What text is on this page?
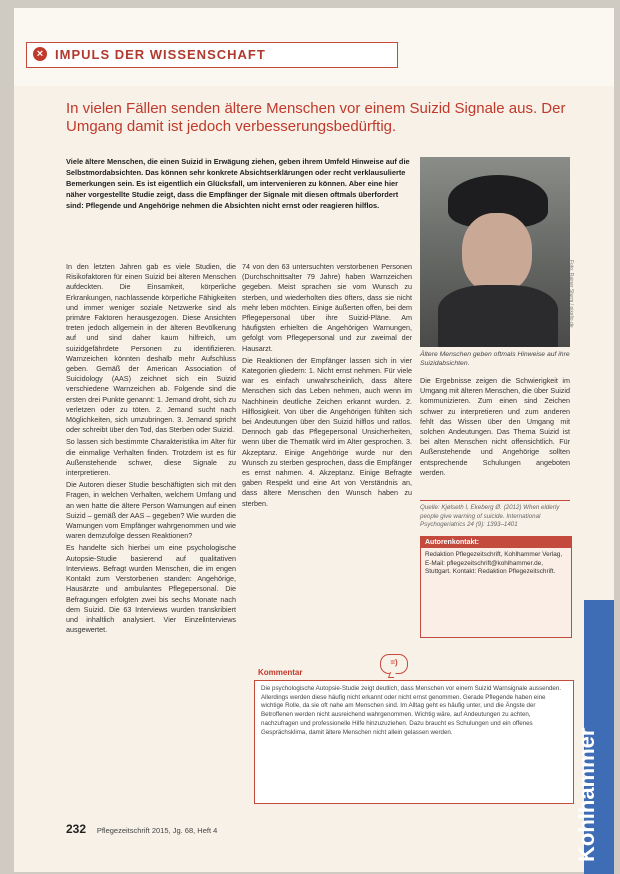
× IMPULS DER WISSENSCHAFT
In vielen Fällen senden ältere Menschen vor einem Suizid Signale aus. Der Umgang damit ist jedoch verbesserungsbedürftig.
Viele ältere Menschen, die einen Suizid in Erwägung ziehen, geben ihrem Umfeld Hinweise auf die Selbstmordabsichten. Das können sehr konkrete Absichtserklärungen oder recht verklausulierte Bemerkungen sein. Es ist eigentlich ein Glücksfall, um intervenieren zu können. Aber eine hier näher vorgestellte Studie zeigt, dass die Empfänger der Signale mit diesen oftmals überfordert sind: Pflegende und Angehörige nehmen die Absichten nicht ernst oder reagieren hilflos.

In den letzten Jahren gab es viele Studien, die Risikofaktoren für einen Suizid bei älteren Menschen aufdeckten. Die Einsamkeit, körperliche Erkrankungen, nachlassende körperliche Fähigkeiten und immer weniger soziale Netzwerke sind als primäre Faktoren herausgezogen. Diese Ansichten treten jedoch allgemein in der älteren Bevölkerung auf und sind daher kaum hilfreich, um suizidgefährdete Personen zu identifizieren. Warnzeichen könnten deshalb mehr Aufschluss geben. Gemäß der American Association of Suicidology (AAS) zeichnet sich ein Suizid verschiedene Warnzeichen ab. Folgende sind die ersten drei Punkte genannt: 1. Jemand droht, sich zu verletzen oder zu töten. 2. Jemand sucht nach Möglichkeiten, sich umzubringen. 3. Jemand spricht oder schreibt über den Tod, das Sterben oder Suizid.

So lassen sich bestimmte Charakteristika im Alter für die einmalige Verhalten finden. Trotzdem ist es für Außenstehende schwer, diese Signale zu interpretieren.

Die Autoren dieser Studie beschäftigten sich mit den Fragen, in welchen Verhalten, welchem Umfang und an wen hatte die ältere Person Warnungen auf einen Suizid – gemäß der AAS – gegeben? Wie wurden die Warnungen vom Empfänger wahrgenommen und wie waren demzufolge dessen Reaktionen?

Es handelte sich hierbei um eine psychologische Autopsie-Studie basierend auf qualitativen Interviews. Befragt wurden Menschen, die im engen Kontakt zum Verstorbenen standen: Angehörige, Hausärzte und ambulantes Pflegepersonal. Die Befragungen erfolgten zwei bis sechs Monate nach dem Suizid. Die 63 Interviews wurden transkribiert und inhaltlich analysiert. Vier Einzelinterviews ausgewertet.

74 von den 63 untersuchten verstorbenen Personen (Durchschnittsalter 79 Jahre) haben Warnzeichen gegeben. Meist sprachen sie vom Wunsch zu sterben, und wiederholten dies öfters, dass sie nicht mehr leben möchten. Einige äußerten offen, bei dem Pflegepersonal über ihre Suizid-Pläne. Am häufigsten erhielten die Angehörigen Warnungen, gefolgt vom Pflegepersonal und zur zweimal der Hausarzt.

Die Reaktionen der Empfänger lassen sich in vier Kategorien gliedern: 1. Nicht ernst nehmen. Für viele war es einfach unwahrscheinlich, dass ältere Menschen sich das Leben nehmen, auch wenn im Nachhinein deutliche Zeichen erkannt wurden. 2. Hilflosigkeit. Von über die Angehörigen fühlten sich bei Andeutungen über den Suizid hilflos und ratlos. Dennoch gab das Pflegepersonal Unsicherheiten, wenn über die Thematik wird im Alter gesprochen. 3. Akzeptanz. Einige Angehörige wurde nur den Wunsch zu sterben gesprochen, dass die Empfänger es ernst nahmen. 4. Akzeptanz. Einige Befragte gaben Respekt und eine Art von Verständnis an, dass ältere Menschen den Wunsch haben zu sterben.

Foto: Rainer Sturm / pixelio.de
Ältere Menschen geben oftmals Hinweise auf ihre Suizidabsichten.

Die Ergebnisse zeigen die Schwierigkeit im Umgang mit älteren Menschen, die über Suizid kommunizieren. Zum einen sind Zeichen schwer zu interpretieren und zum anderen fehlt das Wissen über den Umgang mit solchen Andeutungen. Das Thema Suizid ist bei alten Menschen nicht offensichtlich. Für Außenstehende und Angehörige sollten entsprechende Schulungen angeboten werden.

Quelle: Kjølseth I, Ekeberg Ø. (2012) When elderly people give warning of suicide. International Psychogeriatrics 24 (9): 1393–1401
Autorenkontakt:
Redaktion Pflegezeitschrift, Kohlhammer Verlag, E-Mail: pflegezeitschrift@kohlhammer.de, Stuttgart. Kontakt: Redaktion Pflegezeitschrift.
=)
Kommentar
Die psychologische Autopsie-Studie zeigt deutlich, dass Menschen vor einem Suizid Warnsignale aussenden. Allerdings werden diese häufig nicht erkannt oder nicht ernst genommen. Gerade Pflegende haben eine wichtige Rolle, da sie oft nahe am Menschen sind. Im Alltag geht es häufig unter, und die Ängste der Betroffenen werden nicht ausreichend wahrgenommen. Wichtig wäre, auf Andeutungen zu achten, nachzufragen und professionelle Hilfe hinzuzuziehen. Dazu braucht es Schulungen und ein offenes Gesprächsklima, damit ältere Menschen nicht allein gelassen werden.
232 Pflegezeitschrift 2015, Jg. 68, Heft 4	Kohlhammer
